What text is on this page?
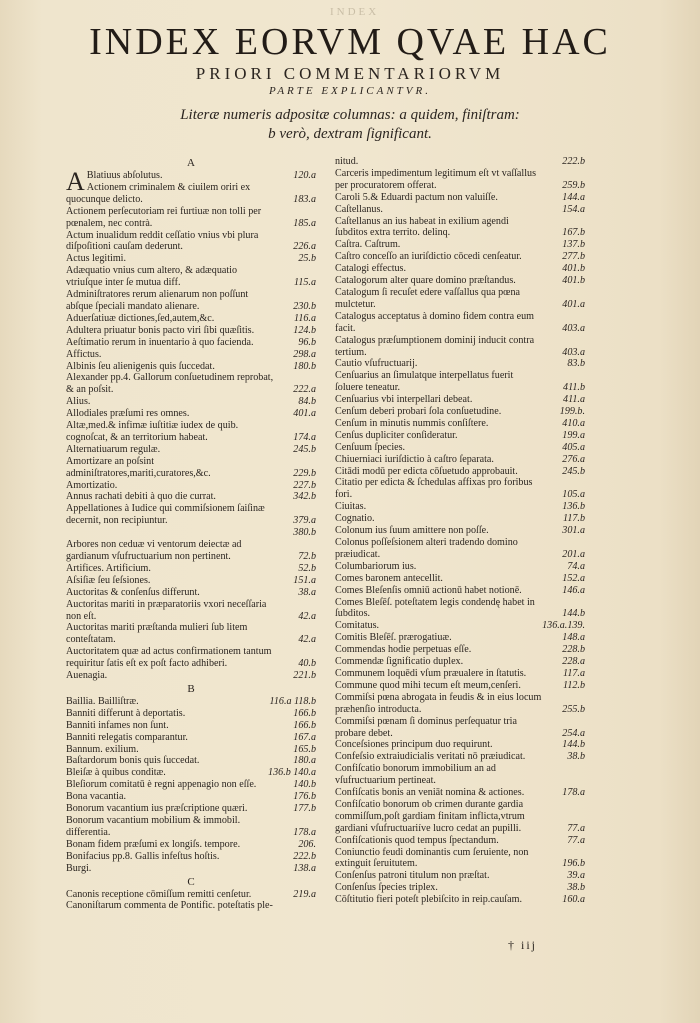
INDEX
INDEX EORVM QVAE HAC
PRIORI COMMENTARIORVM
PARTE EXPLICANTVR.
Literæ numeris adpositæ columnas: a quidem, finiſtram:
b verò, dextram ſignificant.
A
A Blatiuus abſolutus.	120.a
Actionem criminalem & ciuilem oriri ex quocunque delicto.	183.a
Actionem perſecutoriam rei furtiuæ non tolli per pœnalem, nec contrà.	185.a
Actum inualidum reddit ceſſatio vnius vbi plura diſpoſitioni cauſam dederunt.	226.a
Actus legitimi.	25.b
Adæquatio vnius cum altero, & adæquatio vtriuſque inter ſe mutua diff.	115.a
Adminiſtratores rerum alienarum non poſſunt abſque ſpeciali mandato alienare.	230.b
Aduerſatiuæ dictiones,ſed,autem,&c.	116.a
Adultera priuatur bonis pacto viri ſibi quæſitis.	124.b
Aeſtimatio rerum in inuentario à quo facienda.	96.b
Affictus.	298.a
Albinis ſeu alienigenis quis ſuccedat.	180.b
Alexander pp.4. Gallorum conſuetudinem reprobat, & an poſsit.	222.a
Alius.	84.b
Allodiales præſumi res omnes.	401.a
Altæ,med.& infimæ iuſtitiæ iudex de quib. cognoſcat, & an territorium habeat.	174.a
Alternatiuarum regulæ.	245.b
Amortizare an poſsint adminiſtratores,mariti,curatores,&c.	229.b
Amortizatio.	227.b
Annus rachati debiti à quo die currat.	342.b
Appellationes à Iudice qui commiſsionem ſaiſinæ decernit, non recipiuntur.	379.a
380.b
Arbores non ceduæ vi ventorum deiectæ ad gardianum vſufructuarium non pertinent.	72.b
Artifices. Artificium.	52.b
Aſsiſiæ ſeu ſeſsiones.	151.a
Auctoritas & conſenſus differunt.	38.a
Auctoritas mariti in præparatoriis vxori neceſſaria non eſt.	42.a
Auctoritas mariti præſtanda mulieri ſub litem conteſtatam.	42.a
Auctoritatem quæ ad actus confirmationem tantum requiritur ſatis eſt ex poſt facto adhiberi.	40.b
Auenagia.	221.b
B
Baillia. Bailliſtræ.	116.a 118.b
Banniti differunt à deportatis.	166.b
Banniti infames non ſunt.	166.b
Banniti relegatis comparantur.	167.a
Bannum. exilium.	165.b
Baſtardorum bonis quis ſuccedat.	180.a
Bleiſæ à quibus conditæ.	136.b 140.a
Bleſiorum comitatū è regni appenagio non eſſe.	140.b
Bona vacantia.	176.b
Bonorum vacantium ius præſcriptione quæri.	177.b
Bonorum vacantium mobilium & immobil. differentia.	178.a
Bonam fidem præſumi ex longiſs. tempore.	206.
Bonifacius pp.8. Gallis infeſtus hoſtis.	222.b
Burgi.	138.a
C
Canonis receptione cōmiſſum remitti cenſetur.	219.a
Canoniſtarum commenta de Pontific. poteſtatis ple-
nitud.	222.b
Carceris impedimentum legitimum eſt vt vaſſallus per procuratorem offerat.	259.b
Caroli 5.& Eduardi pactum non valuiſſe.	144.a
Caſtellanus.	154.a
Caſtellanus an ius habeat in exilium agendi ſubditos extra territo. delinq.	167.b
Caſtra. Caſtrum.	137.b
Caſtro conceſſo an iuriſdictio cōcedi cenſeatur.	277.b
Catalogi effectus.	401.b
Catalogorum alter quare domino præſtandus.	401.b
Catalogum ſi recuſet edere vaſſallus qua pœna mulctetur.	401.a
Catalogus acceptatus à domino fidem contra eum facit.	403.a
Catalogus præſumptionem dominij inducit contra tertium.	403.a
Cautio vſufructuarij.	83.b
Cenſuarius an ſimulatque interpellatus fuerit ſoluere teneatur.	411.b
Cenſuarius vbi interpellari debeat.	411.a
Cenſum deberi probari ſola conſuetudine.	199.b.
Cenſum in minutis nummis conſiſtere.	410.a
Cenſus dupliciter conſideratur.	199.a
Cenſuum ſpecies.	405.a
Chiuerniaci iuriſdictio à caſtro ſeparata.	276.a
Citādi modū per edicta cōſuetudo approbauit.	245.b
Citatio per edicta & ſchedulas affixas pro foribus fori.	105.a
Ciuitas.	136.b
Cognatio.	117.b
Colonum ius ſuum amittere non poſſe.	301.a
Colonus poſſeſsionem alteri tradendo domino præiudicat.	201.a
Columbariorum ius.	74.a
Comes baronem antecellit.	152.a
Comes Bleſenſis omniū actionū habet notionē.	146.a
Comes Bleſēſ. poteſtatem legis condendę habet in ſubditos.	144.b
Comitatus.	136.a.139.
Comitis Bleſēſ. prærogatiuæ.	148.a
Commendas hodie perpetuas eſſe.	228.b
Commendæ ſignificatio duplex.	228.a
Communem loquēdi vſum præualere in ſtatutis.	117.a
Commune quod mihi tecum eſt meum,cenſeri.	112.b
Commiſsi pœna abrogata in feudis & in eius locum præhenſio introducta.	255.b
Commiſsi pœnam ſi dominus perſequatur tria probare debet.	254.a
Conceſsiones principum duo requirunt.	144.b
Confeſsio extraiudicialis veritati nō præiudicat.	38.b
Confiſcatio bonorum immobilium an ad vſufructuarium pertineat.
Confiſcatis bonis an veniāt nomina & actiones.	178.a
Confiſcatio bonorum ob crimen durante gardia commiſſum,poſt gardiam finitam inflicta,vtrum gardiani vſufructuariíve lucro cedat an pupilli.	77.a
Confiſcationis quod tempus ſpectandum.	77.a
Coniunctio feudi dominantis cum ſeruiente, non extinguit ſeruitutem.	196.b
Conſenſus patroni titulum non præſtat.	39.a
Conſenſus ſpecies triplex.	38.b
Cōſtitutio fieri poteſt plebiſcito in reip.cauſam.	160.a
† iij
